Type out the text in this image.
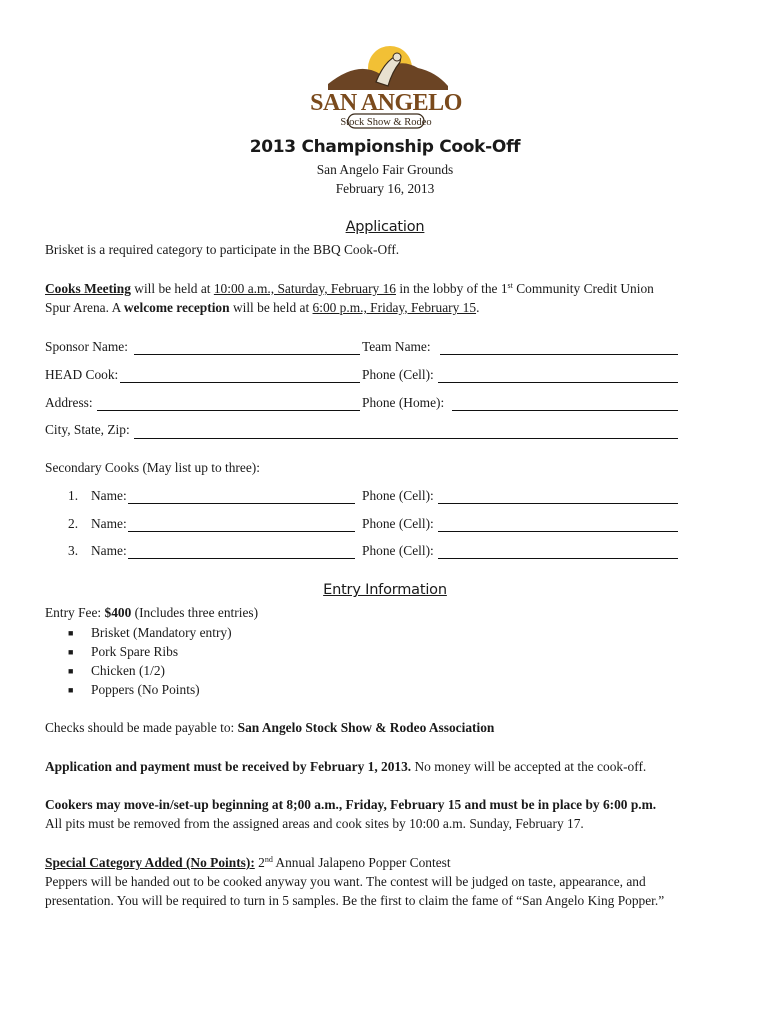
SAN ANGELO
Stock Show & Rodeo
2013 Championship Cook-Off
San Angelo Fair Grounds
February 16, 2013
Application
Brisket is a required category to participate in the BBQ Cook-Off.
Cooks Meeting will be held at 10:00 a.m., Saturday, February 16 in the lobby of the 1st Community Credit Union
Spur Arena. A welcome reception will be held at 6:00 p.m., Friday, February 15.
Sponsor Name:	Team Name:
HEAD Cook:	Phone (Cell):
Address:	Phone (Home):
City, State, Zip:
Secondary Cooks (May list up to three):
1. Name:	Phone (Cell):
2. Name:	Phone (Cell):
3. Name:	Phone (Cell):
Entry Information
Entry Fee: $400 (Includes three entries)
■ Brisket (Mandatory entry)
■ Pork Spare Ribs
■ Chicken (1/2)
■ Poppers (No Points)
Checks should be made payable to: San Angelo Stock Show & Rodeo Association
Application and payment must be received by February 1, 2013. No money will be accepted at the cook-off.
Cookers may move-in/set-up beginning at 8;00 a.m., Friday, February 15 and must be in place by 6:00 p.m.
All pits must be removed from the assigned areas and cook sites by 10:00 a.m. Sunday, February 17.
Special Category Added (No Points): 2nd Annual Jalapeno Popper Contest
Peppers will be handed out to be cooked anyway you want. The contest will be judged on taste, appearance, and
presentation. You will be required to turn in 5 samples. Be the first to claim the fame of “San Angelo King Popper.”
